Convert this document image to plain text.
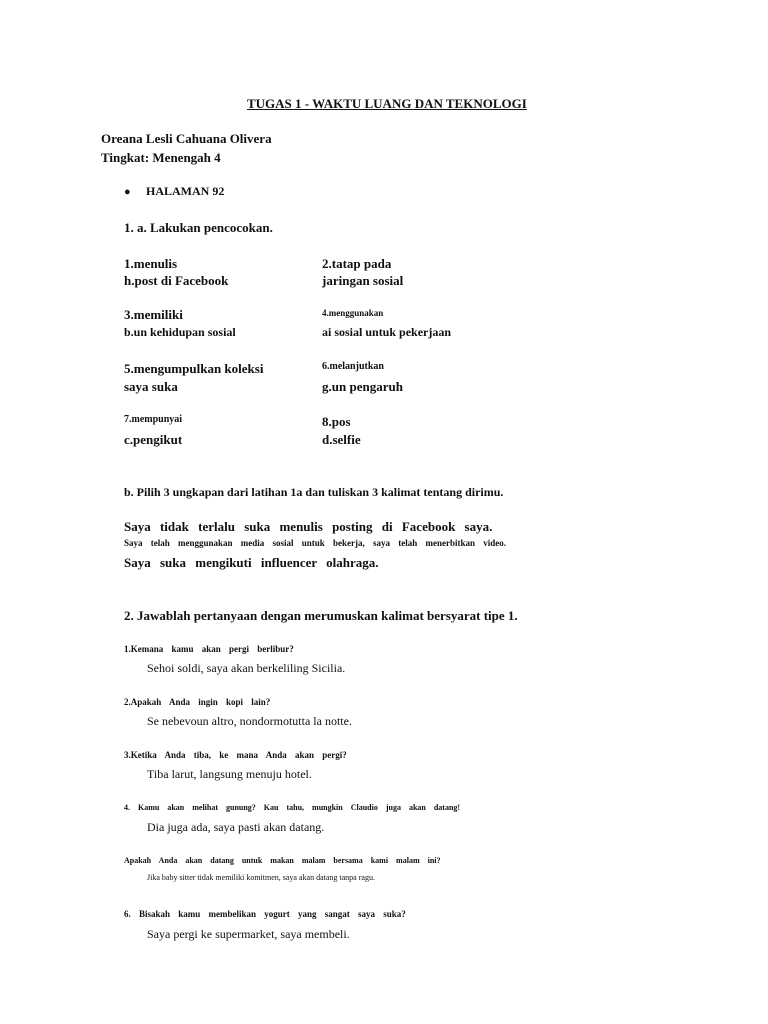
TUGAS 1 - WAKTU LUANG DAN TEKNOLOGI
Oreana Lesli Cahuana Olivera
Tingkat: Menengah 4
● HALAMAN 92
1. a. Lakukan pencocokan.
1.menulis
h.post di Facebook
2.tatap pada
jaringan sosial
3.memiliki
b.un kehidupan sosial
4.menggunakan
ai sosial untuk pekerjaan
5.mengumpulkan koleksi
saya suka
6.melanjutkan
g.un pengaruh
7.mempunyai
c.pengikut
8.pos
d.selfie
b. Pilih 3 ungkapan dari latihan 1a dan tuliskan 3 kalimat tentang dirimu.
Saya tidak terlalu suka menulis posting di Facebook saya.
Saya telah menggunakan media sosial untuk bekerja, saya telah menerbitkan video.
Saya suka mengikuti influencer olahraga.
2. Jawablah pertanyaan dengan merumuskan kalimat bersyarat tipe 1.
1.Kemana kamu akan pergi berlibur?
Sehoi soldi, saya akan berkeliling Sicilia.
2.Apakah Anda ingin kopi lain?
Se nebevoun altro, nondormotutta la notte.
3.Ketika Anda tiba, ke mana Anda akan pergi?
Tiba larut, langsung menuju hotel.
4. Kamu akan melihat gunung? Kau tahu, mungkin Claudio juga akan datang!
Dia juga ada, saya pasti akan datang.
Apakah Anda akan datang untuk makan malam bersama kami malam ini?
Jika baby sitter tidak memiliki komitmen, saya akan datang tanpa ragu.
6. Bisakah kamu membelikan yogurt yang sangat saya suka?
Saya pergi ke supermarket, saya membeli.
